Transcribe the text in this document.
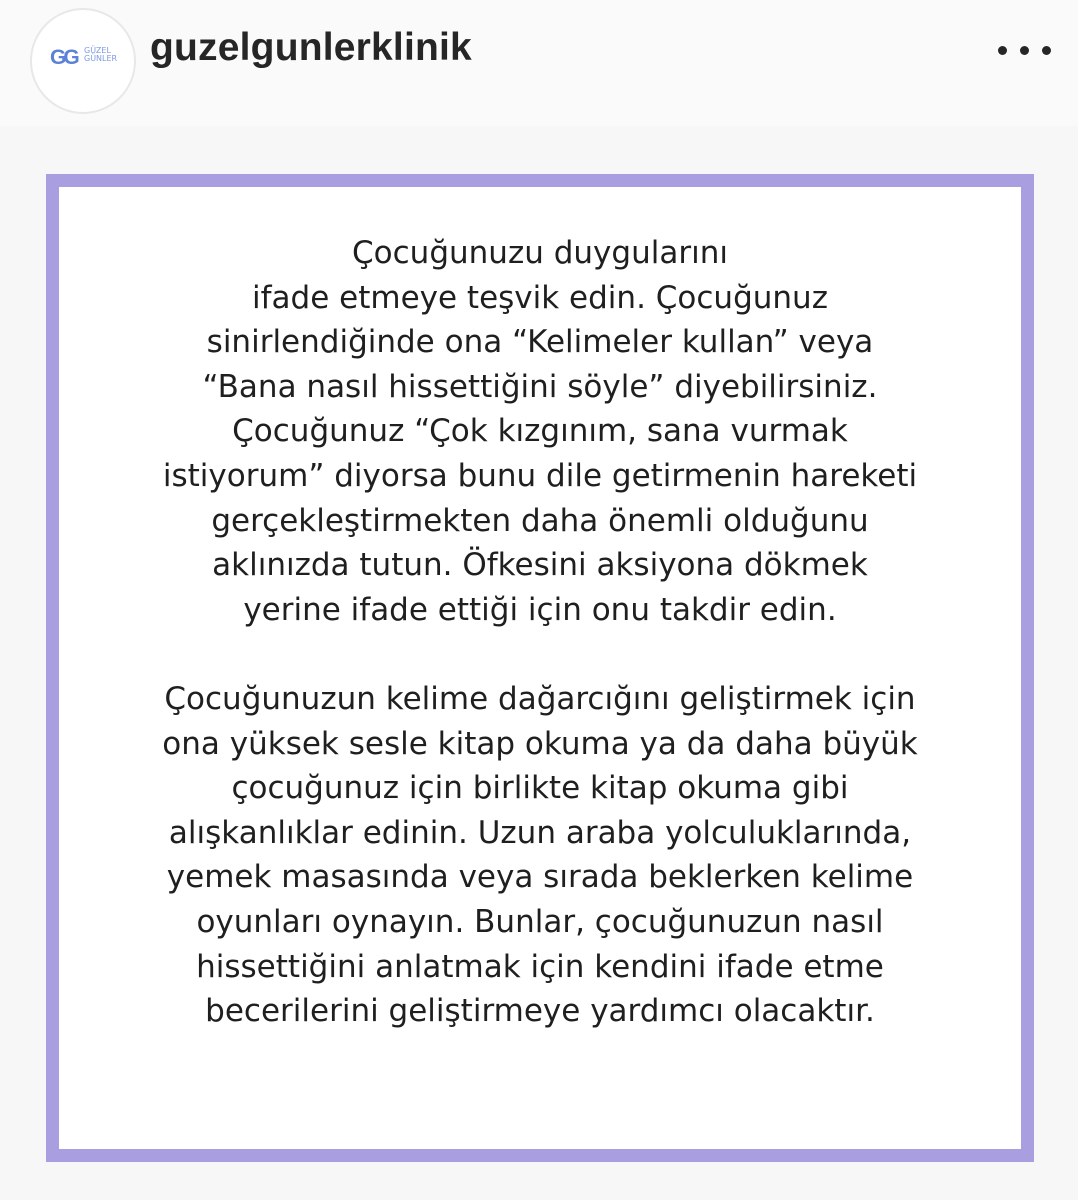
GG GÜZEL
GÜNLER guzelgunlerklinik
Çocuğunuzu duygularını
ifade etmeye teşvik edin. Çocuğunuz
sinirlendiğinde ona “Kelimeler kullan” veya
“Bana nasıl hissettiğini söyle” diyebilirsiniz.
Çocuğunuz “Çok kızgınım, sana vurmak
istiyorum” diyorsa bunu dile getirmenin hareketi
gerçekleştirmekten daha önemli olduğunu
aklınızda tutun. Öfkesini aksiyona dökmek
yerine ifade ettiği için onu takdir edin.
Çocuğunuzun kelime dağarcığını geliştirmek için
ona yüksek sesle kitap okuma ya da daha büyük
çocuğunuz için birlikte kitap okuma gibi
alışkanlıklar edinin. Uzun araba yolculuklarında,
yemek masasında veya sırada beklerken kelime
oyunları oynayın. Bunlar, çocuğunuzun nasıl
hissettiğini anlatmak için kendini ifade etme
becerilerini geliştirmeye yardımcı olacaktır.
